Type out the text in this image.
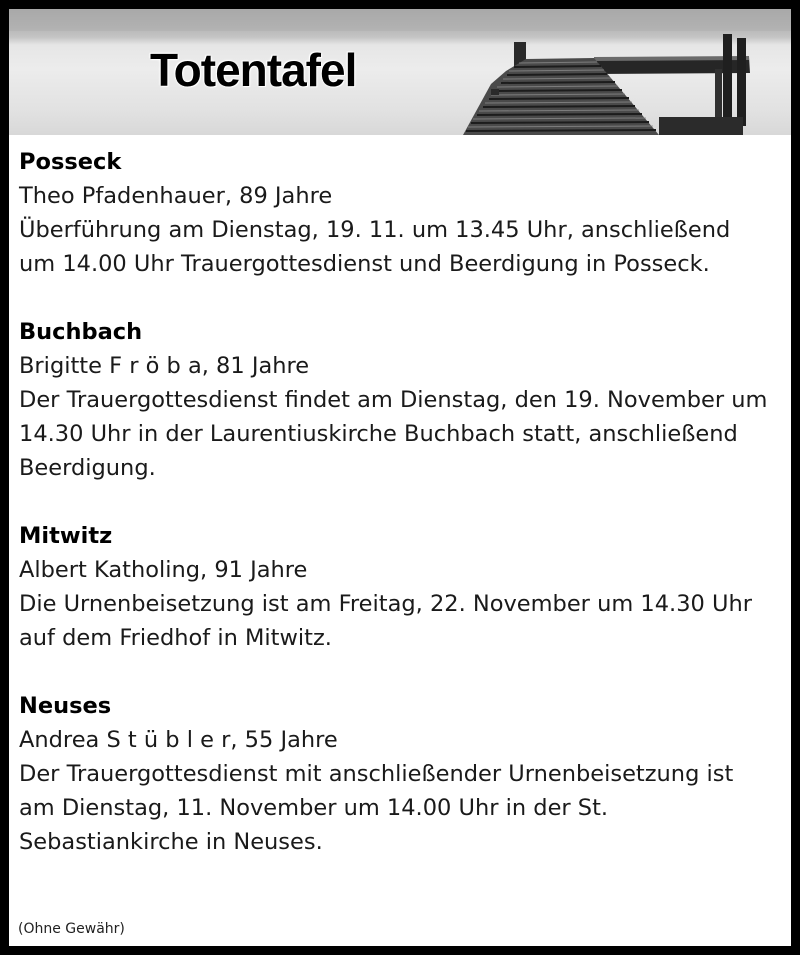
Totentafel
Posseck
Theo Pfadenhauer, 89 Jahre
Überführung am Dienstag, 19. 11. um 13.45 Uhr, anschließend
um 14.00 Uhr Trauergottesdienst und Beerdigung in Posseck.
Buchbach
Brigitte F r ö b a, 81 Jahre
Der Trauergottesdienst findet am Dienstag, den 19. November um
14.30 Uhr in der Laurentiuskirche Buchbach statt, anschließend
Beerdigung.
Mitwitz
Albert Katholing, 91 Jahre
Die Urnenbeisetzung ist am Freitag, 22. November um 14.30 Uhr
auf dem Friedhof in Mitwitz.
Neuses
Andrea S t ü b l e r, 55 Jahre
Der Trauergottesdienst mit anschließender Urnenbeisetzung ist
am Dienstag, 11. November um 14.00 Uhr in der St.
Sebastiankirche in Neuses.
(Ohne Gewähr)
